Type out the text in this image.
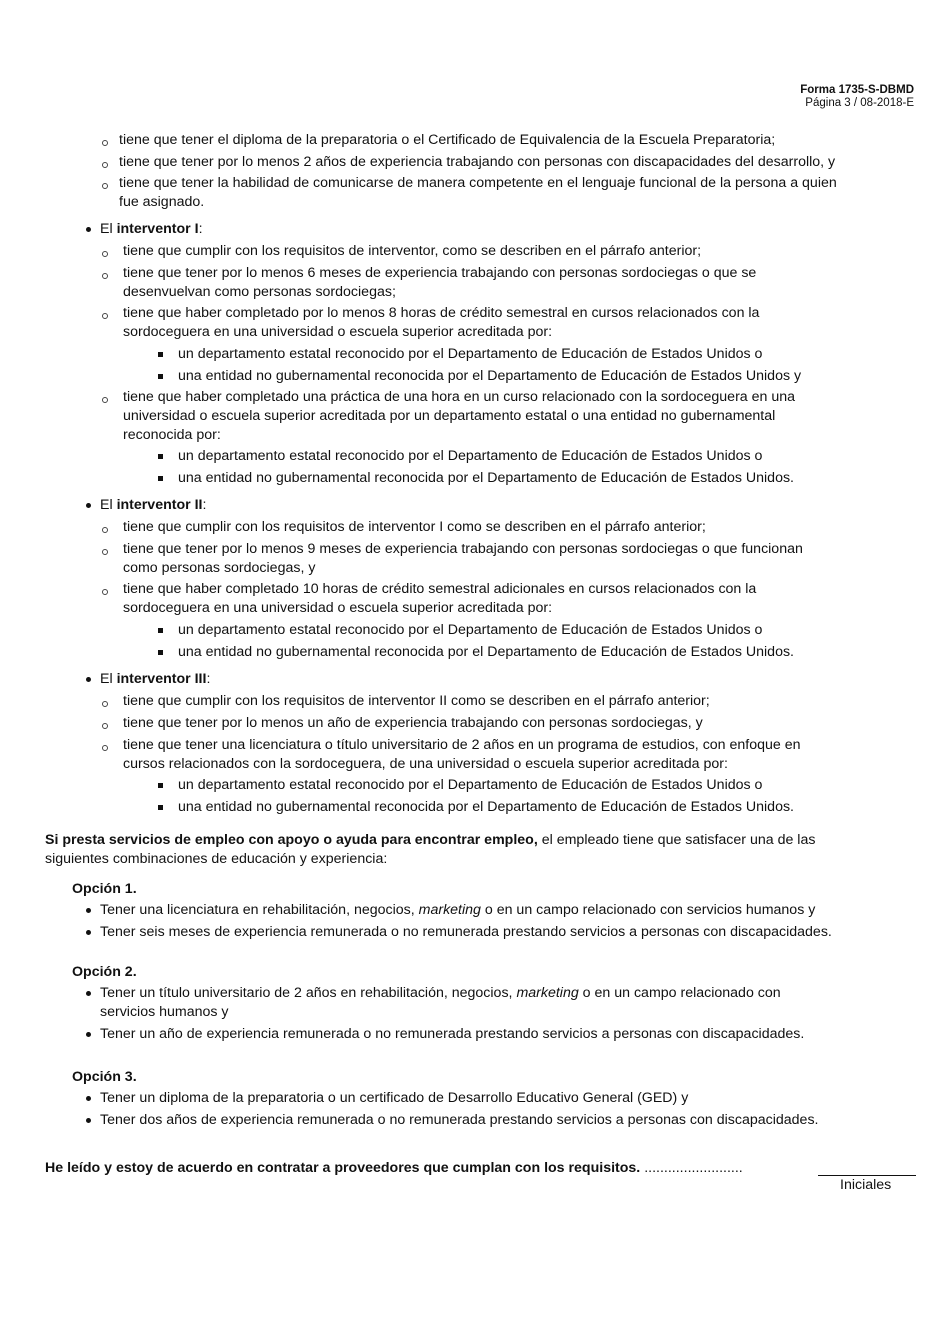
Forma 1735-S-DBMD
Página 3 / 08-2018-E
tiene que tener el diploma de la preparatoria o el Certificado de Equivalencia de la Escuela Preparatoria;
tiene que tener por lo menos 2 años de experiencia trabajando con personas con discapacidades del desarrollo, y
tiene que tener la habilidad de comunicarse de manera competente en el lenguaje funcional de la persona a quien
fue asignado.
El interventor I:
tiene que cumplir con los requisitos de interventor, como se describen en el párrafo anterior;
tiene que tener por lo menos 6 meses de experiencia trabajando con personas sordociegas o que se
desenvuelvan como personas sordociegas;
tiene que haber completado por lo menos 8 horas de crédito semestral en cursos relacionados con la
sordoceguera en una universidad o escuela superior acreditada por:
un departamento estatal reconocido por el Departamento de Educación de Estados Unidos o
una entidad no gubernamental reconocida por el Departamento de Educación de Estados Unidos y
tiene que haber completado una práctica de una hora en un curso relacionado con la sordoceguera en una
universidad o escuela superior acreditada por un departamento estatal o una entidad no gubernamental
reconocida por:
un departamento estatal reconocido por el Departamento de Educación de Estados Unidos o
una entidad no gubernamental reconocida por el Departamento de Educación de Estados Unidos.
El interventor II:
tiene que cumplir con los requisitos de interventor I como se describen en el párrafo anterior;
tiene que tener por lo menos 9 meses de experiencia trabajando con personas sordociegas o que funcionan
como personas sordociegas, y
tiene que haber completado 10 horas de crédito semestral adicionales en cursos relacionados con la
sordoceguera en una universidad o escuela superior acreditada por:
un departamento estatal reconocido por el Departamento de Educación de Estados Unidos o
una entidad no gubernamental reconocida por el Departamento de Educación de Estados Unidos.
El interventor III:
tiene que cumplir con los requisitos de interventor II como se describen en el párrafo anterior;
tiene que tener por lo menos un año de experiencia trabajando con personas sordociegas, y
tiene que tener una licenciatura o título universitario de 2 años en un programa de estudios, con enfoque en
cursos relacionados con la sordoceguera, de una universidad o escuela superior acreditada por:
un departamento estatal reconocido por el Departamento de Educación de Estados Unidos o
una entidad no gubernamental reconocida por el Departamento de Educación de Estados Unidos.
Si presta servicios de empleo con apoyo o ayuda para encontrar empleo, el empleado tiene que satisfacer una de las
siguientes combinaciones de educación y experiencia:
Opción 1.
Tener una licenciatura en rehabilitación, negocios, marketing o en un campo relacionado con servicios humanos y
Tener seis meses de experiencia remunerada o no remunerada prestando servicios a personas con discapacidades.
Opción 2.
Tener un título universitario de 2 años en rehabilitación, negocios, marketing o en un campo relacionado con
servicios humanos y
Tener un año de experiencia remunerada o no remunerada prestando servicios a personas con discapacidades.
Opción 3.
Tener un diploma de la preparatoria o un certificado de Desarrollo Educativo General (GED) y
Tener dos años de experiencia remunerada o no remunerada prestando servicios a personas con discapacidades.
He leído y estoy de acuerdo en contratar a proveedores que cumplan con los requisitos. .........................
Iniciales
